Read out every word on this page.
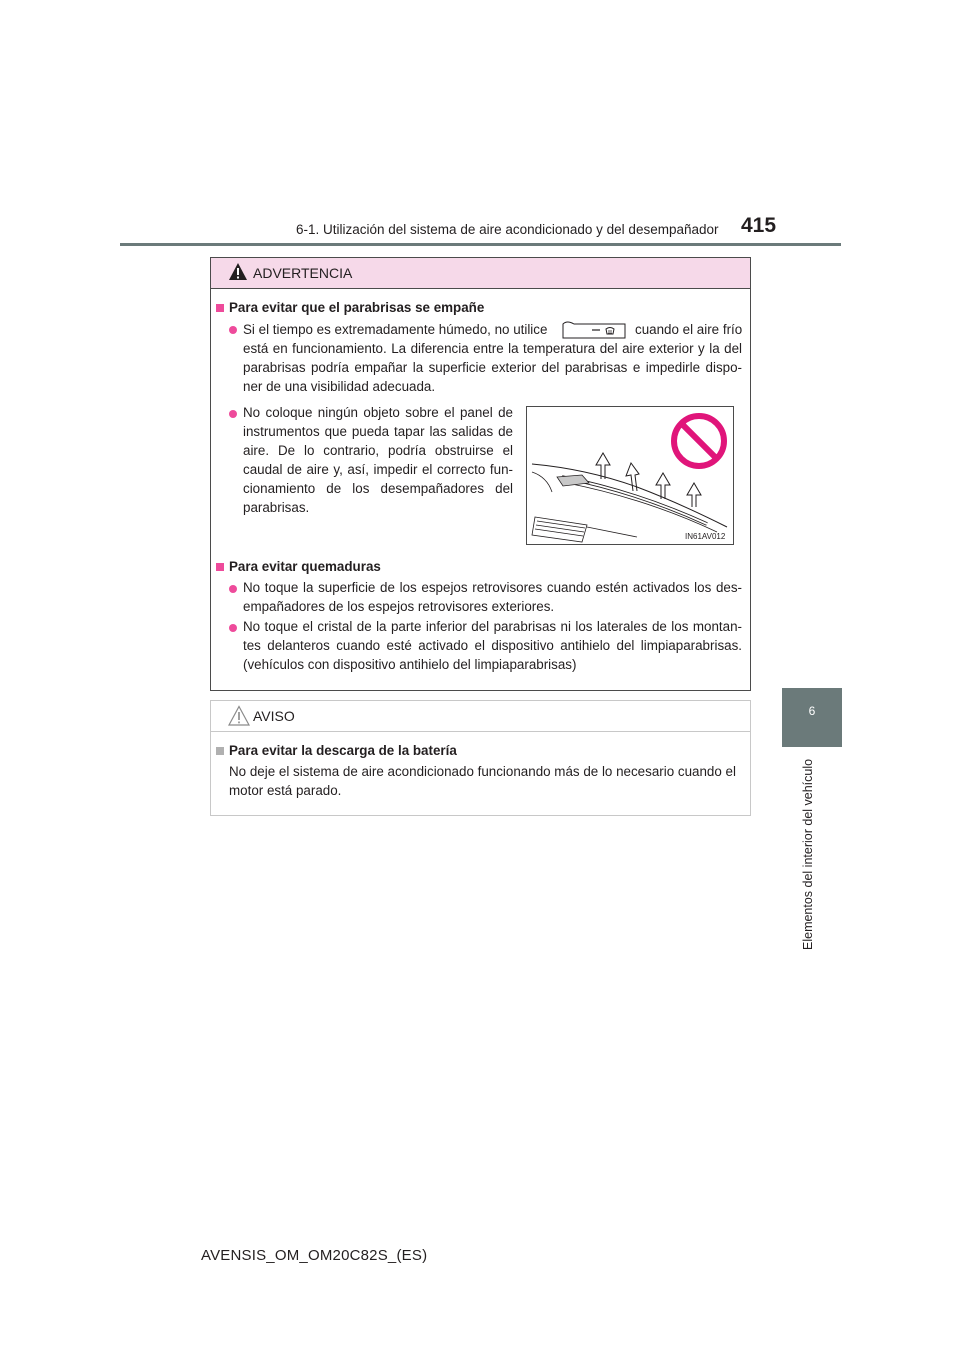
6-1. Utilización del sistema de aire acondicionado y del desempañador 415
6
Elementos del interior del vehículo
ADVERTENCIA
Para evitar que el parabrisas se empañe
Si el tiempo es extremadamente húmedo, no utilice	cuando el aire frío
está en funcionamiento. La diferencia entre la temperatura del aire exterior y la del parabrisas podría empañar la superficie exterior del parabrisas e impedirle dispo-ner de una visibilidad adecuada.
No coloque ningún objeto sobre el panel de instrumentos que pueda tapar las salidas de aire. De lo contrario, podría obstruirse el caudal de aire y, así, impedir el correcto fun-cionamiento de los desempañadores del parabrisas.
IN61AV012
Para evitar quemaduras
No toque la superficie de los espejos retrovisores cuando estén activados los des-empañadores de los espejos retrovisores exteriores.
No toque el cristal de la parte inferior del parabrisas ni los laterales de los montan-tes delanteros cuando esté activado el dispositivo antihielo del limpiaparabrisas. (vehículos con dispositivo antihielo del limpiaparabrisas)
AVISO
Para evitar la descarga de la batería
No deje el sistema de aire acondicionado funcionando más de lo necesario cuando el motor está parado.
AVENSIS_OM_OM20C82S_(ES)
